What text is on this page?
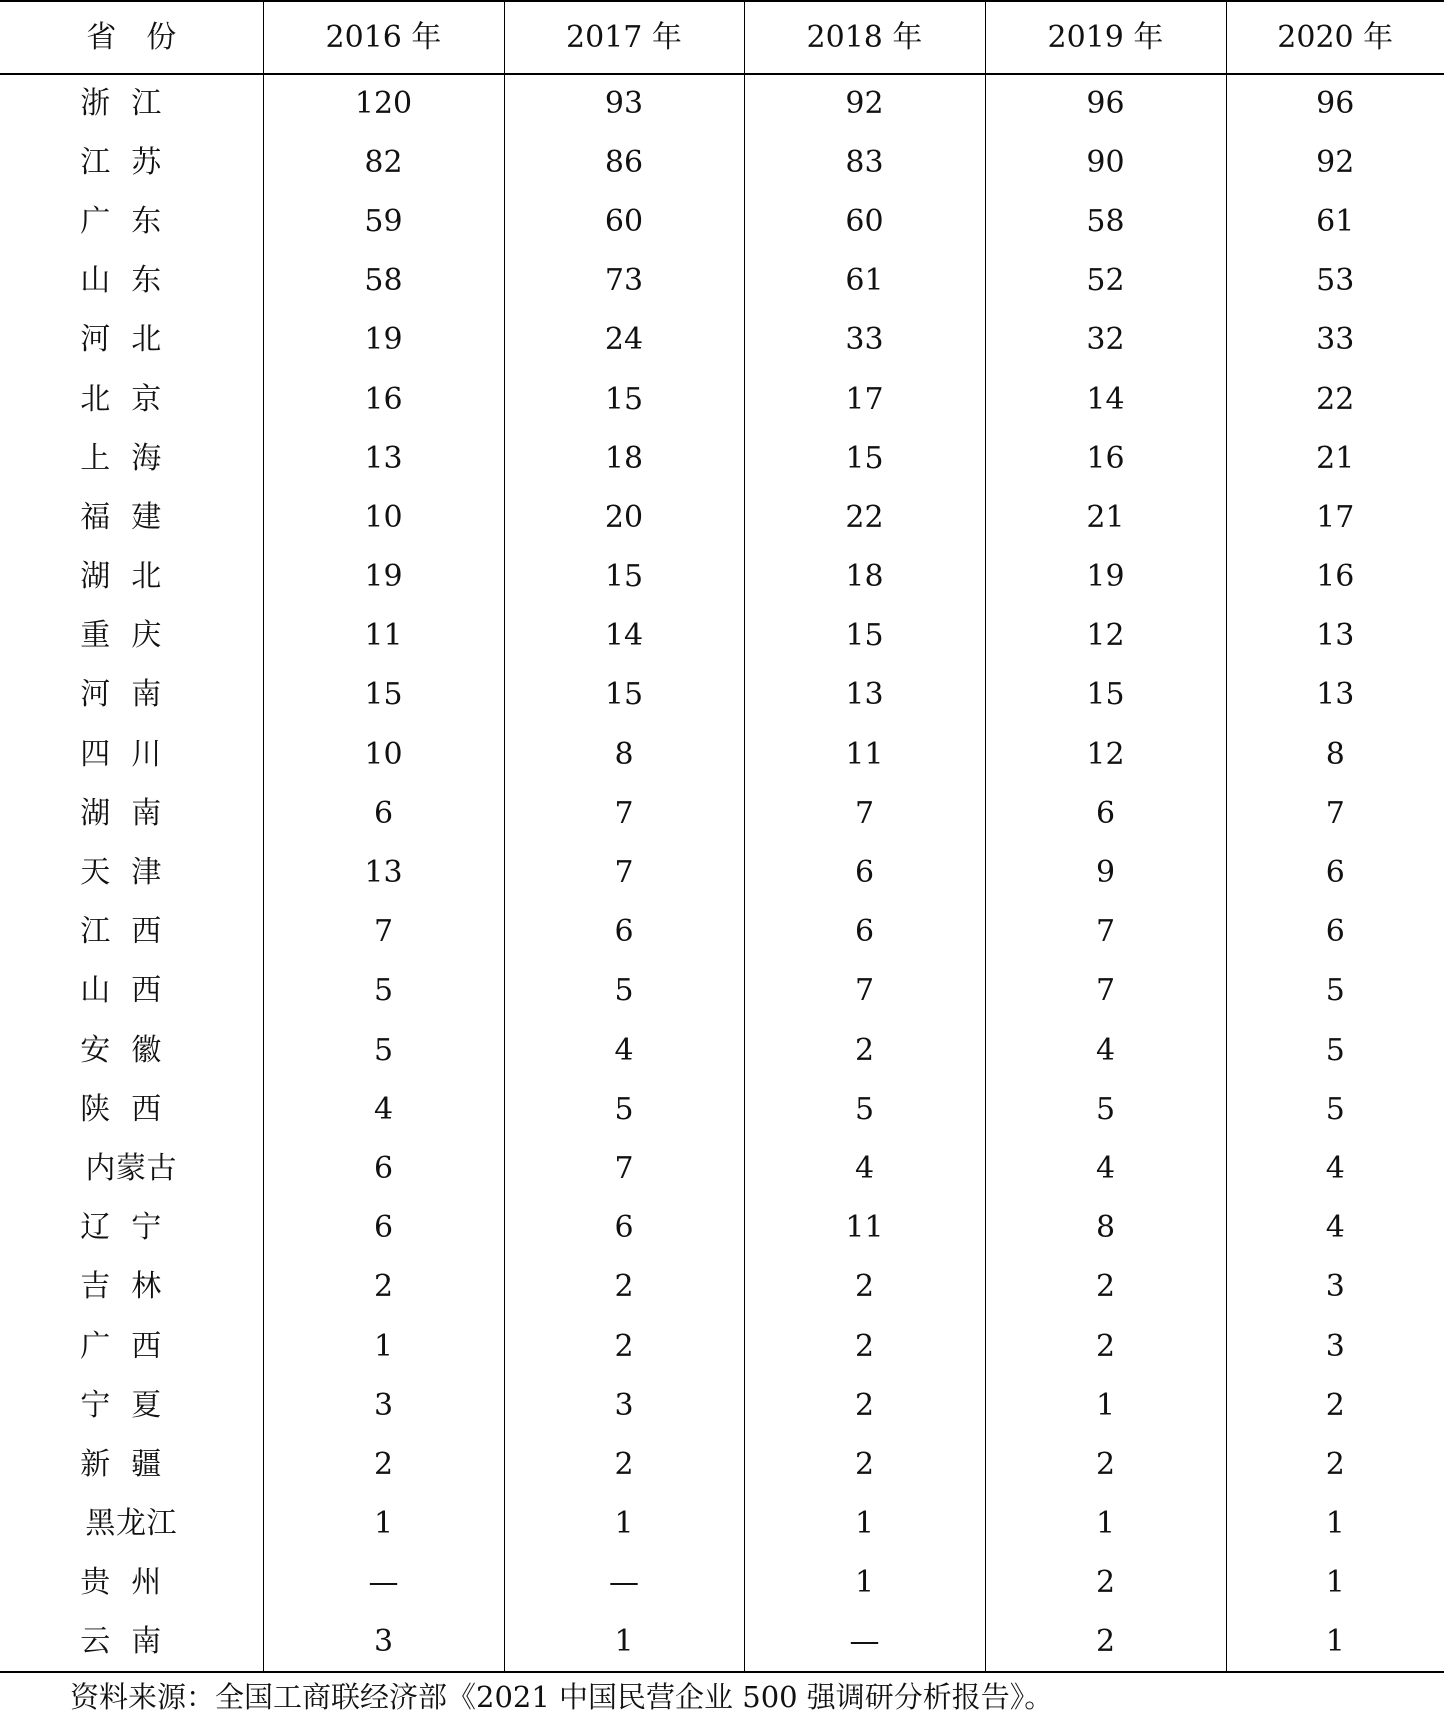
省　份	2016 年	2017 年	2018 年	2019 年	2020 年
浙江	120	93	92	96	96
江苏	82	86	83	90	92
广东	59	60	60	58	61
山东	58	73	61	52	53
河北	19	24	33	32	33
北京	16	15	17	14	22
上海	13	18	15	16	21
福建	10	20	22	21	17
湖北	19	15	18	19	16
重庆	11	14	15	12	13
河南	15	15	13	15	13
四川	10	8	11	12	8
湖南	6	7	7	6	7
天津	13	7	6	9	6
江西	7	6	6	7	6
山西	5	5	7	7	5
安徽	5	4	2	4	5
陕西	4	5	5	5	5
内蒙古	6	7	4	4	4
辽宁	6	6	11	8	4
吉林	2	2	2	2	3
广西	1	2	2	2	3
宁夏	3	3	2	1	2
新疆	2	2	2	2	2
黑龙江	1	1	1	1	1
贵州	—	—	1	2	1
云南	3	1	—	2	1
资料来源：全国工商联经济部《2021 中国民营企业 500 强调研分析报告》。
